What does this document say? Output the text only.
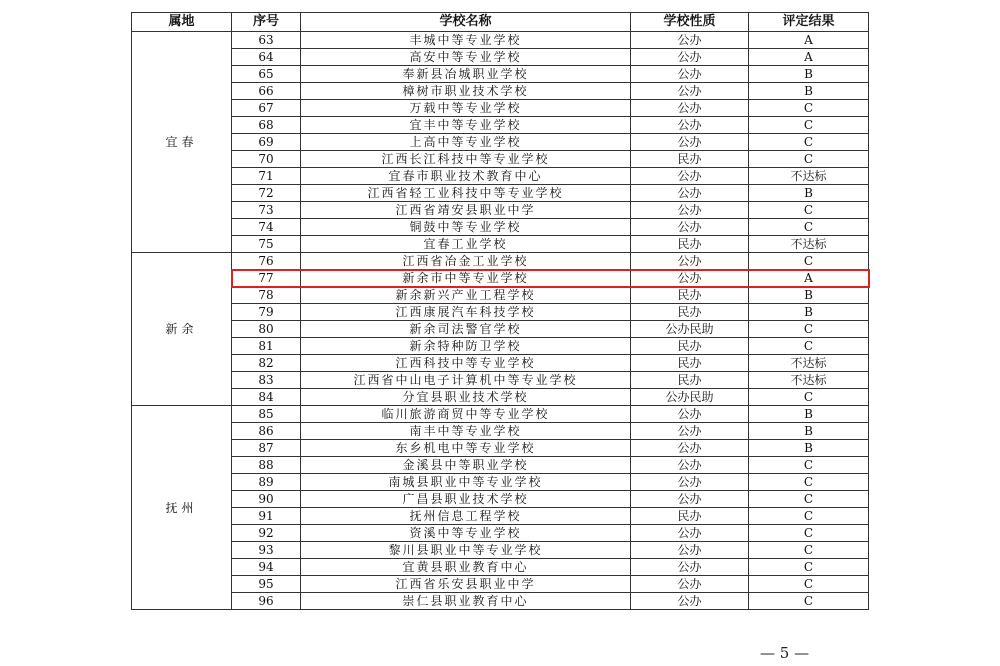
属地	序号	学校名称	学校性质	评定结果
宜春	63	丰城中等专业学校	公办	A
	64	高安中等专业学校	公办	A
	65	奉新县冶城职业学校	公办	B
	66	樟树市职业技术学校	公办	B
	67	万载中等专业学校	公办	C
	68	宜丰中等专业学校	公办	C
	69	上高中等专业学校	公办	C
	70	江西长江科技中等专业学校	民办	C
	71	宜春市职业技术教育中心	公办	不达标
	72	江西省轻工业科技中等专业学校	公办	B
	73	江西省靖安县职业中学	公办	C
	74	铜鼓中等专业学校	公办	C
	75	宜春工业学校	民办	不达标
新余	76	江西省冶金工业学校	公办	C
	77	新余市中等专业学校	公办	A
	78	新余新兴产业工程学校	民办	B
	79	江西康展汽车科技学校	民办	B
	80	新余司法警官学校	公办民助	C
	81	新余特种防卫学校	民办	C
	82	江西科技中等专业学校	民办	不达标
	83	江西省中山电子计算机中等专业学校	民办	不达标
	84	分宜县职业技术学校	公办民助	C
抚州	85	临川旅游商贸中等专业学校	公办	B
	86	南丰中等专业学校	公办	B
	87	东乡机电中等专业学校	公办	B
	88	金溪县中等职业学校	公办	C
	89	南城县职业中等专业学校	公办	C
	90	广昌县职业技术学校	公办	C
	91	抚州信息工程学校	民办	C
	92	资溪中等专业学校	公办	C
	93	黎川县职业中等专业学校	公办	C
	94	宜黄县职业教育中心	公办	C
	95	江西省乐安县职业中学	公办	C
	96	崇仁县职业教育中心	公办	C
— 5 —
